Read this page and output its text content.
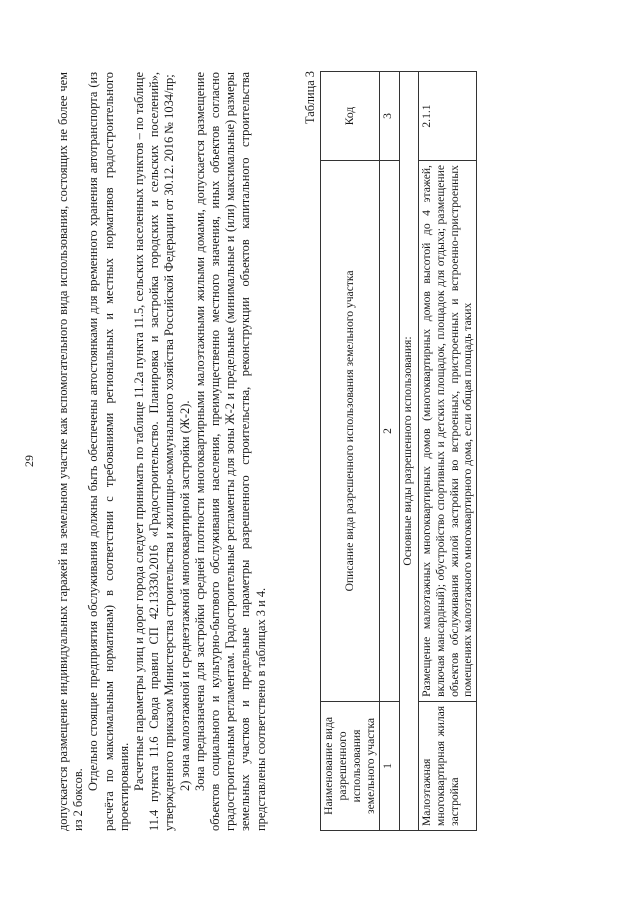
29 допускается размещение индивидуальных гаражей на земельном участке как вспомогательного вида использования, состоящих не более чем из 2 боксов.

Отдельно стоящие предприятия обслуживания должны быть обеспечены автостоянками для временного хранения автотранспорта (из расчёта по максимальным нормативам) в соответствии с требованиями региональных и местных нормативов градостроительного проектирования. Расчетные параметры улиц и дорог города следует принимать по таблице 11.2а пункта 11.5, сельских населенных пунктов – по таблице 11.4 пункта 11.6 Свода правил СП 42.13330.2016 «Градостроительство. Планировка и застройка городских и сельских поселений», утвержденного приказом Министерства строительства и жилищно-коммунального хозяйства Российской Федерации от 30.12. 2016 № 1034/пр; 2) зона малоэтажной и среднеэтажной многоквартирной застройки (Ж-2). Зона предназначена для застройки средней плотности многоквартирными малоэтажными жилыми домами, допускается размещение объектов социального и культурно-бытового обслуживания населения, преимущественно местного значения, иных объектов согласно градостроительным регламентам. Градостроительные регламенты для зоны Ж-2 и предельные (минимальные и (или) максимальные) размеры земельных участков и предельные параметры разрешенного строительства, реконструкции объектов капитального строительства представлены соответствено в таблицах 3 и 4.

Таблица 3
Наименование вида разрешенного использования земельного участка	Описание вида разрешенного использования земельного участка	Код
1	2	3
Основные виды разрешенного использования:		
Малоэтажная многоквартирная жилая застройка	Размещение малоэтажных многоквартирных домов (многоквартирных домов высотой до 4 этажей, включая мансардный); обустройство спортивных и детских площадок, площадок для отдыха; размещение объектов обслуживания жилой застройки во встроенных, пристроенных и встроенно-пристроенных помещениях малоэтажного многоквартирного дома, если общая площадь таких	2.1.1
